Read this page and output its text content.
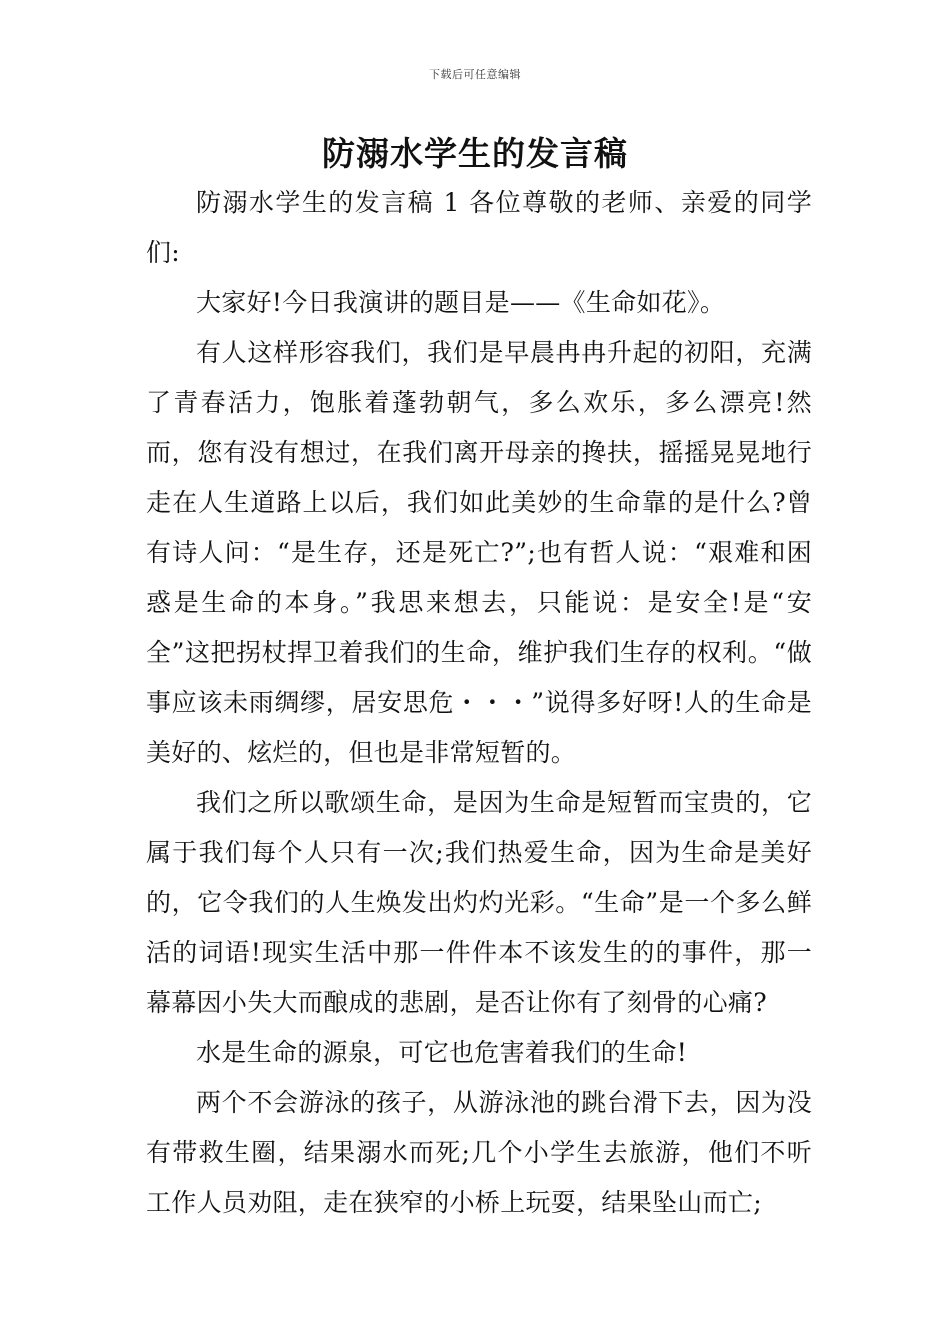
下载后可任意编辑
防溺水学生的发言稿

防溺水学生的发言稿 1 各位尊敬的老师、亲爱的同学们:

大家好!今日我演讲的题目是——《生命如花》。

有人这样形容我们，我们是早晨冉冉升起的初阳，充满了青春活力，饱胀着蓬勃朝气，多么欢乐，多么漂亮!然而，您有没有想过，在我们离开母亲的搀扶，摇摇晃晃地行走在人生道路上以后，我们如此美妙的生命靠的是什么?曾有诗人问：“是生存，还是死亡?”;也有哲人说：“艰难和困惑是生命的本身。”我思来想去，只能说：是安全!是“安全”这把拐杖捍卫着我们的生命，维护我们生存的权利。“做事应该未雨绸缪，居安思危・・・”说得多好呀!人的生命是美好的、炫烂的，但也是非常短暂的。

我们之所以歌颂生命，是因为生命是短暂而宝贵的，它属于我们每个人只有一次;我们热爱生命，因为生命是美好的，它令我们的人生焕发出灼灼光彩。“生命”是一个多么鲜活的词语!现实生活中那一件件本不该发生的的事件，那一幕幕因小失大而酿成的悲剧，是否让你有了刻骨的心痛?

水是生命的源泉，可它也危害着我们的生命!

两个不会游泳的孩子，从游泳池的跳台滑下去，因为没有带救生圈，结果溺水而死;几个小学生去旅游，他们不听工作人员劝阻，走在狭窄的小桥上玩耍，结果坠山而亡;
